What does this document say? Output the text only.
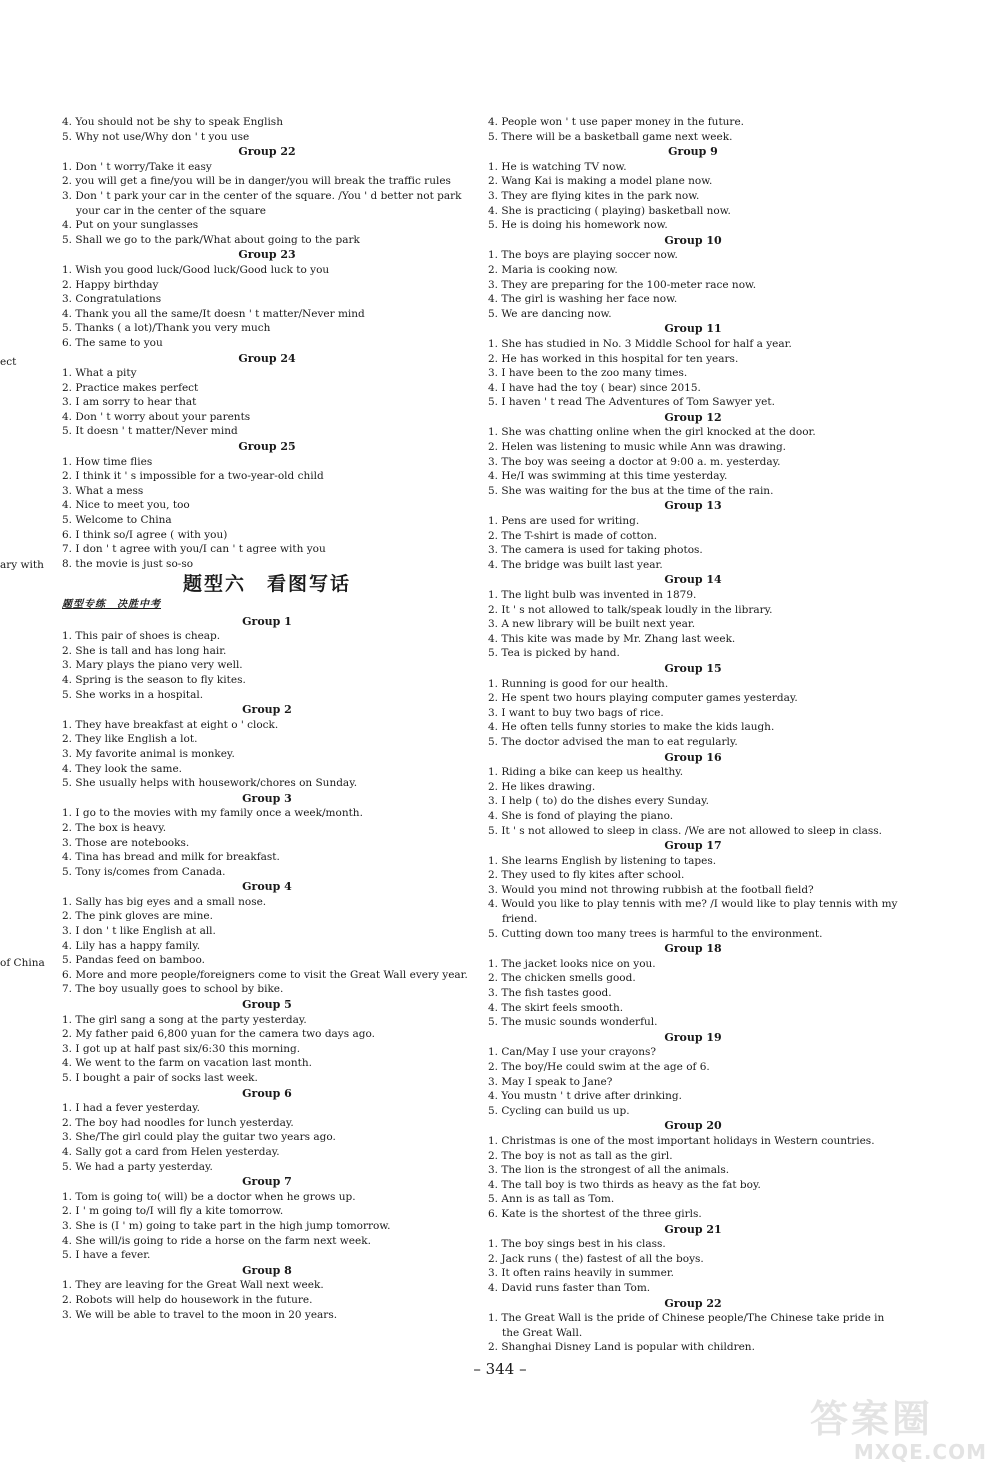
ect
ary with
of China
4. You should not be shy to speak English
5. Why not use/Why don ' t you use
Group 22
1. Don ' t worry/Take it easy
2. you will get a fine/you will be in danger/you will break the traffic rules
3. Don ' t park your car in the center of the square. /You ' d better not park your car in the center of the square
4. Put on your sunglasses
5. Shall we go to the park/What about going to the park
Group 23
1. Wish you good luck/Good luck/Good luck to you
2. Happy birthday
3. Congratulations
4. Thank you all the same/It doesn ' t matter/Never mind
5. Thanks ( a lot)/Thank you very much
6. The same to you
Group 24
1. What a pity
2. Practice makes perfect
3. I am sorry to hear that
4. Don ' t worry about your parents
5. It doesn ' t matter/Never mind
Group 25
1. How time flies
2. I think it ' s impossible for a two-year-old child
3. What a mess
4. Nice to meet you, too
5. Welcome to China
6. I think so/I agree ( with you)
7. I don ' t agree with you/I can ' t agree with you
8. the movie is just so-so
题型六　看图写话
题型专练　决胜中考
Group 1
1. This pair of shoes is cheap.
2. She is tall and has long hair.
3. Mary plays the piano very well.
4. Spring is the season to fly kites.
5. She works in a hospital.
Group 2
1. They have breakfast at eight o ' clock.
2. They like English a lot.
3. My favorite animal is monkey.
4. They look the same.
5. She usually helps with housework/chores on Sunday.
Group 3
1. I go to the movies with my family once a week/month.
2. The box is heavy.
3. Those are notebooks.
4. Tina has bread and milk for breakfast.
5. Tony is/comes from Canada.
Group 4
1. Sally has big eyes and a small nose.
2. The pink gloves are mine.
3. I don ' t like English at all.
4. Lily has a happy family.
5. Pandas feed on bamboo.
6. More and more people/foreigners come to visit the Great Wall every year.
7. The boy usually goes to school by bike.
Group 5
1. The girl sang a song at the party yesterday.
2. My father paid 6,800 yuan for the camera two days ago.
3. I got up at half past six/6:30 this morning.
4. We went to the farm on vacation last month.
5. I bought a pair of socks last week.
Group 6
1. I had a fever yesterday.
2. The boy had noodles for lunch yesterday.
3. She/The girl could play the guitar two years ago.
4. Sally got a card from Helen yesterday.
5. We had a party yesterday.
Group 7
1. Tom is going to( will) be a doctor when he grows up.
2. I ' m going to/I will fly a kite tomorrow.
3. She is (I ' m) going to take part in the high jump tomorrow.
4. She will/is going to ride a horse on the farm next week.
5. I have a fever.
Group 8
1. They are leaving for the Great Wall next week.
2. Robots will help do housework in the future.
3. We will be able to travel to the moon in 20 years.
4. People won ' t use paper money in the future.
5. There will be a basketball game next week.
Group 9
1. He is watching TV now.
2. Wang Kai is making a model plane now.
3. They are flying kites in the park now.
4. She is practicing ( playing) basketball now.
5. He is doing his homework now.
Group 10
1. The boys are playing soccer now.
2. Maria is cooking now.
3. They are preparing for the 100-meter race now.
4. The girl is washing her face now.
5. We are dancing now.
Group 11
1. She has studied in No. 3 Middle School for half a year.
2. He has worked in this hospital for ten years.
3. I have been to the zoo many times.
4. I have had the toy ( bear) since 2015.
5. I haven ' t read The Adventures of Tom Sawyer yet.
Group 12
1. She was chatting online when the girl knocked at the door.
2. Helen was listening to music while Ann was drawing.
3. The boy was seeing a doctor at 9:00 a. m. yesterday.
4. He/I was swimming at this time yesterday.
5. She was waiting for the bus at the time of the rain.
Group 13
1. Pens are used for writing.
2. The T-shirt is made of cotton.
3. The camera is used for taking photos.
4. The bridge was built last year.
Group 14
1. The light bulb was invented in 1879.
2. It ' s not allowed to talk/speak loudly in the library.
3. A new library will be built next year.
4. This kite was made by Mr. Zhang last week.
5. Tea is picked by hand.
Group 15
1. Running is good for our health.
2. He spent two hours playing computer games yesterday.
3. I want to buy two bags of rice.
4. He often tells funny stories to make the kids laugh.
5. The doctor advised the man to eat regularly.
Group 16
1. Riding a bike can keep us healthy.
2. He likes drawing.
3. I help ( to) do the dishes every Sunday.
4. She is fond of playing the piano.
5. It ' s not allowed to sleep in class. /We are not allowed to sleep in class.
Group 17
1. She learns English by listening to tapes.
2. They used to fly kites after school.
3. Would you mind not throwing rubbish at the football field?
4. Would you like to play tennis with me? /I would like to play tennis with my friend.
5. Cutting down too many trees is harmful to the environment.
Group 18
1. The jacket looks nice on you.
2. The chicken smells good.
3. The fish tastes good.
4. The skirt feels smooth.
5. The music sounds wonderful.
Group 19
1. Can/May I use your crayons?
2. The boy/He could swim at the age of 6.
3. May I speak to Jane?
4. You mustn ' t drive after drinking.
5. Cycling can build us up.
Group 20
1. Christmas is one of the most important holidays in Western countries.
2. The boy is not as tall as the girl.
3. The lion is the strongest of all the animals.
4. The tall boy is two thirds as heavy as the fat boy.
5. Ann is as tall as Tom.
6. Kate is the shortest of the three girls.
Group 21
1. The boy sings best in his class.
2. Jack runs ( the) fastest of all the boys.
3. It often rains heavily in summer.
4. David runs faster than Tom.
Group 22
1. The Great Wall is the pride of Chinese people/The Chinese take pride in the Great Wall.
2. Shanghai Disney Land is popular with children.
– 344 –
答案圈
MXQE.COM
